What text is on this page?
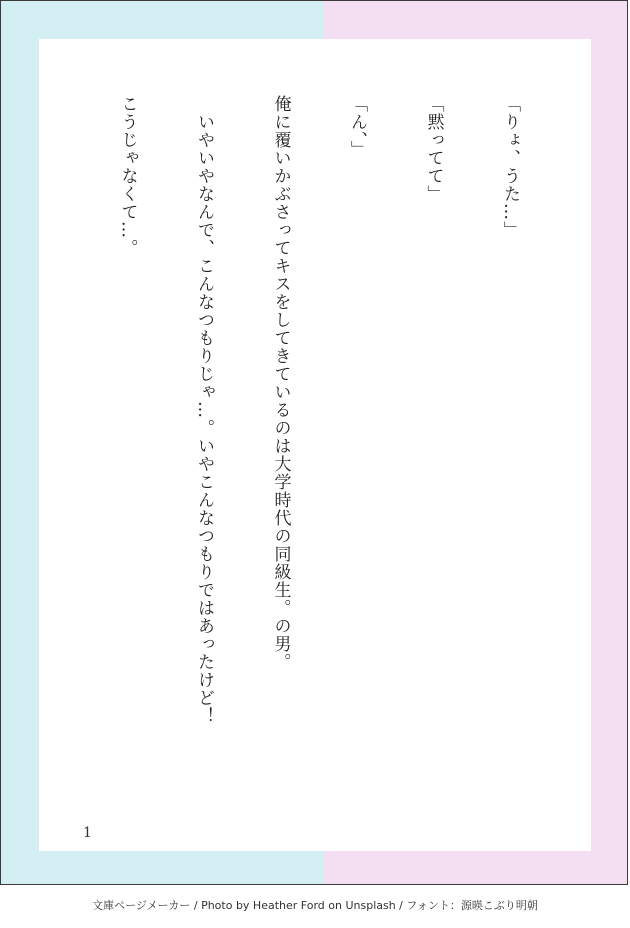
「りょ、うた…」

「黙ってて」

「ん、」

俺に覆いかぶさってキスをしてきているのは大学時代の同級生。の男。

　いやいやなんで、こんなつもりじゃ…。いやこんなつもりではあったけど！

こうじゃなくて…。

1
文庫ページメーカー / Photo by Heather Ford on Unsplash / フォント：源暎こぶり明朝
